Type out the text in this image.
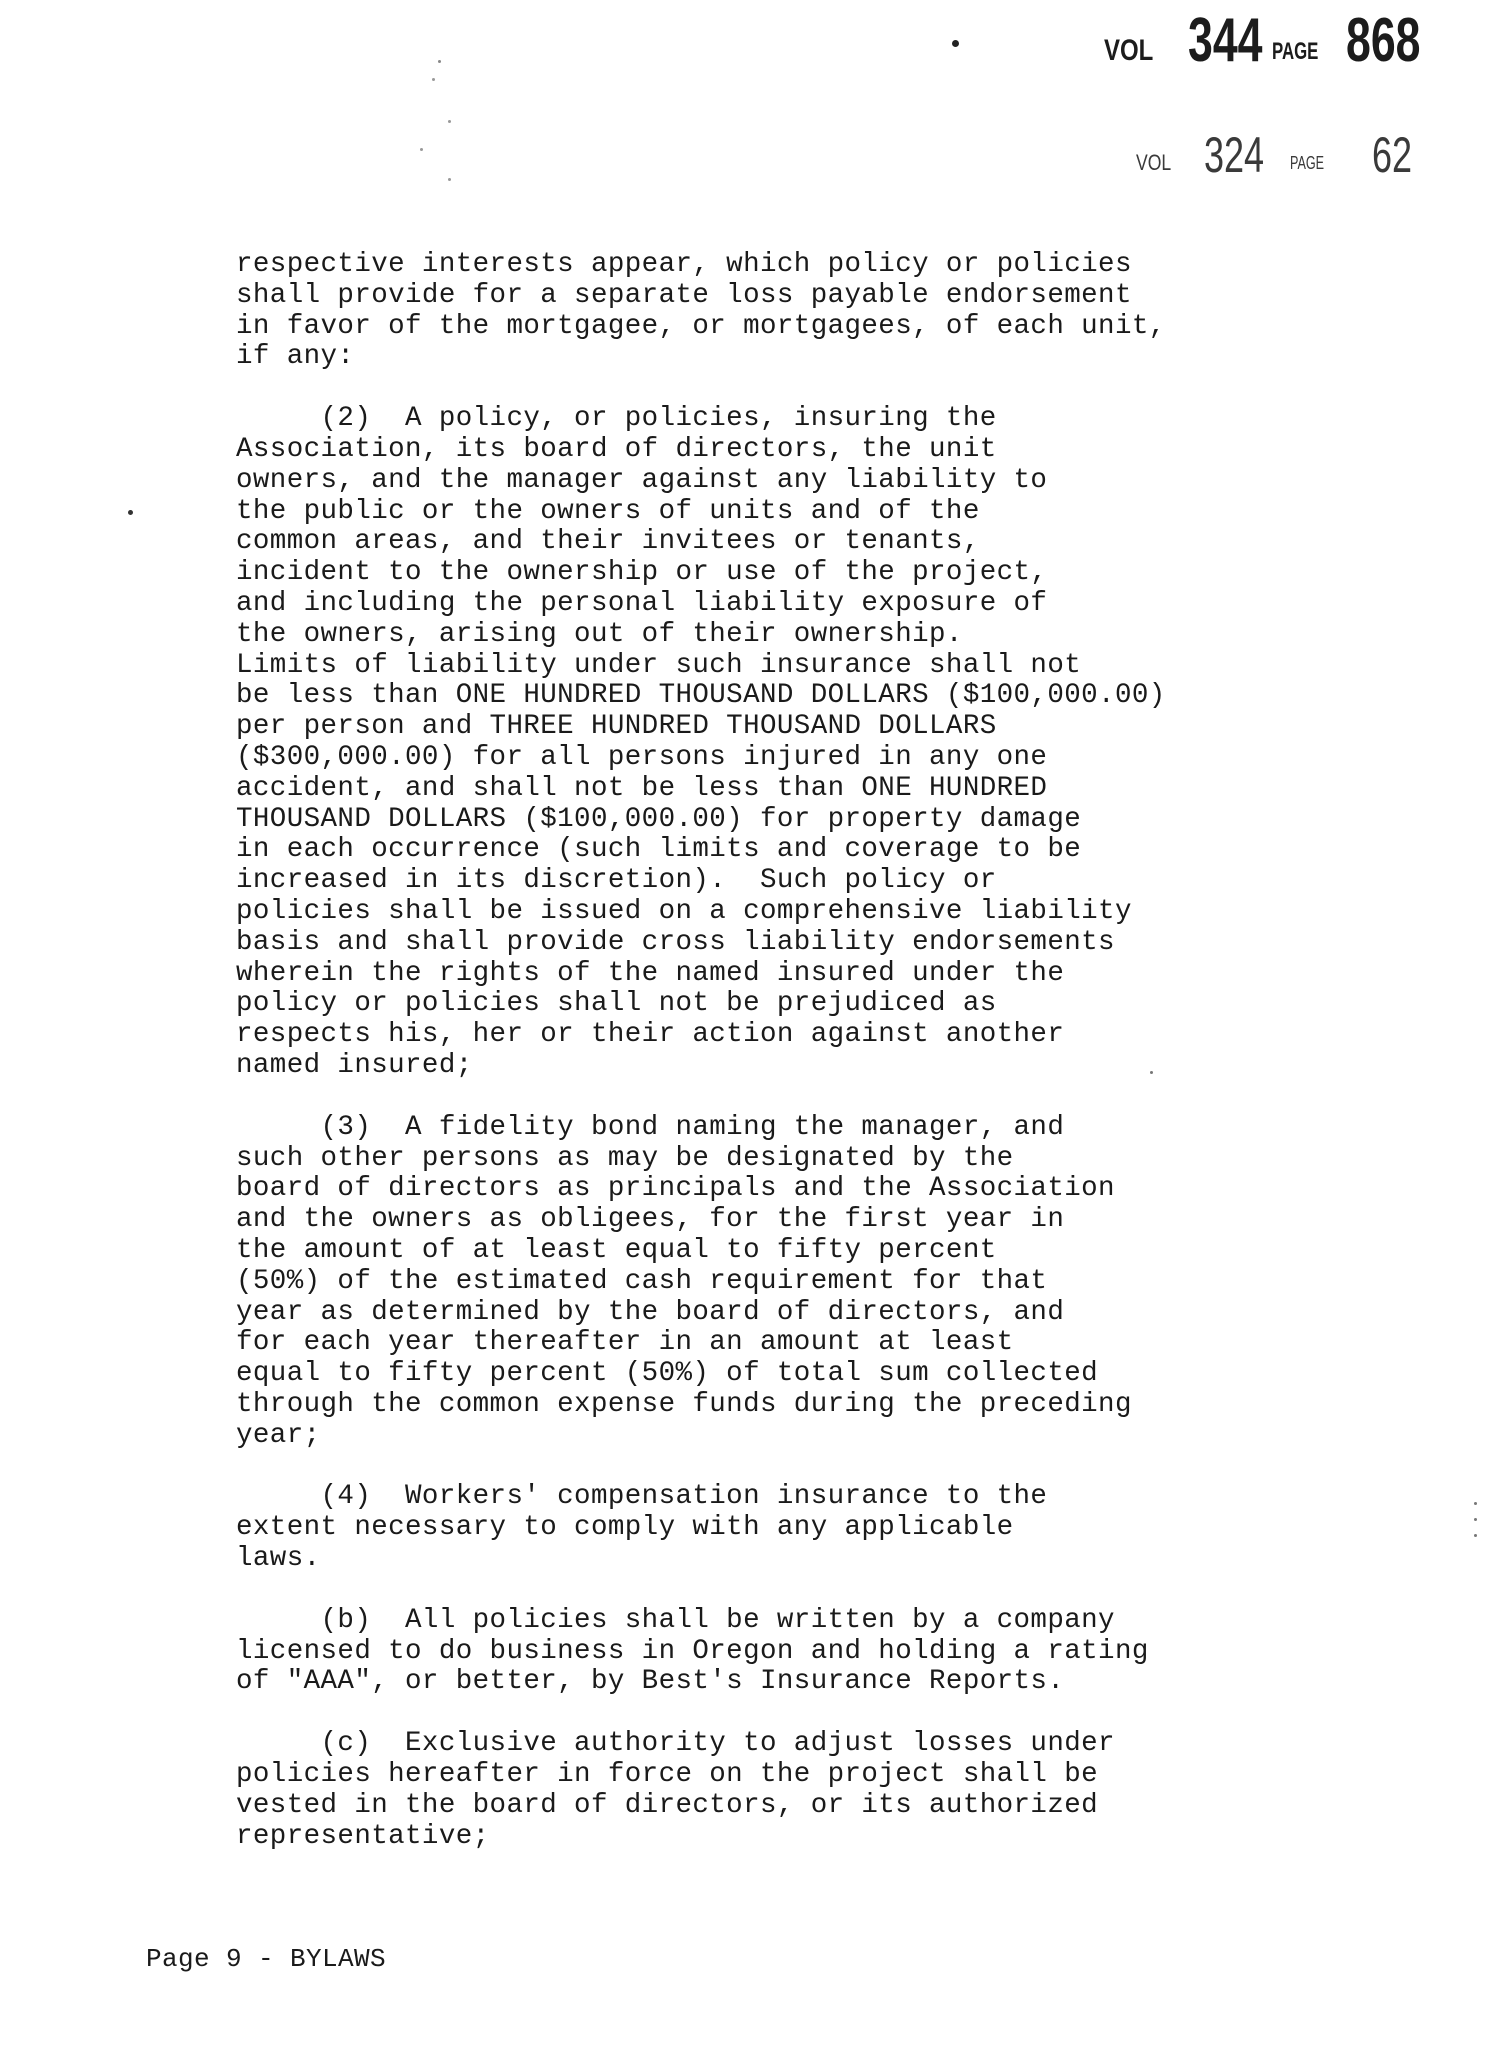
VOL 344 PAGE 868
VOL 324 PAGE 62
respective interests appear, which policy or policies
shall provide for a separate loss payable endorsement
in favor of the mortgagee, or mortgagees, of each unit,
if any:
(2)  A policy, or policies, insuring the
Association, its board of directors, the unit
owners, and the manager against any liability to
the public or the owners of units and of the
common areas, and their invitees or tenants,
incident to the ownership or use of the project,
and including the personal liability exposure of
the owners, arising out of their ownership.
Limits of liability under such insurance shall not
be less than ONE HUNDRED THOUSAND DOLLARS ($100,000.00)
per person and THREE HUNDRED THOUSAND DOLLARS
($300,000.00) for all persons injured in any one
accident, and shall not be less than ONE HUNDRED
THOUSAND DOLLARS ($100,000.00) for property damage
in each occurrence (such limits and coverage to be
increased in its discretion).  Such policy or
policies shall be issued on a comprehensive liability
basis and shall provide cross liability endorsements
wherein the rights of the named insured under the
policy or policies shall not be prejudiced as
respects his, her or their action against another
named insured;
(3)  A fidelity bond naming the manager, and
such other persons as may be designated by the
board of directors as principals and the Association
and the owners as obligees, for the first year in
the amount of at least equal to fifty percent
(50%) of the estimated cash requirement for that
year as determined by the board of directors, and
for each year thereafter in an amount at least
equal to fifty percent (50%) of total sum collected
through the common expense funds during the preceding
year;
(4)  Workers' compensation insurance to the
extent necessary to comply with any applicable
laws.
(b)  All policies shall be written by a company
licensed to do business in Oregon and holding a rating
of "AAA", or better, by Best's Insurance Reports.
(c)  Exclusive authority to adjust losses under
policies hereafter in force on the project shall be
vested in the board of directors, or its authorized
representative;
Page 9 - BYLAWS
